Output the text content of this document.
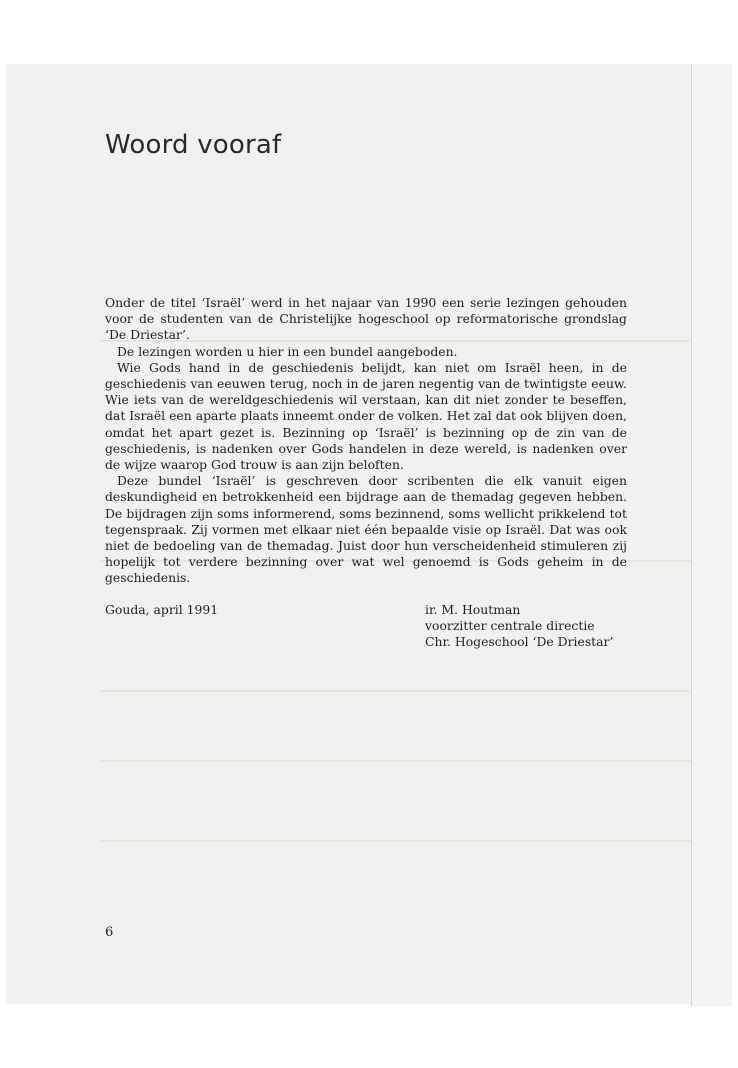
Woord vooraf

Onder de titel ‘Israël’ werd in het najaar van 1990 een serie lezingen gehouden voor de studenten van de Christelijke hogeschool op reformatorische grondslag ‘De Driestar’.

De lezingen worden u hier in een bundel aangeboden.

Wie Gods hand in de geschiedenis belijdt, kan niet om Israël heen, in de geschiedenis van eeuwen terug, noch in de jaren negentig van de twintigste eeuw. Wie iets van de wereldgeschiedenis wil verstaan, kan dit niet zonder te beseffen, dat Israël een aparte plaats inneemt onder de volken. Het zal dat ook blijven doen, omdat het apart gezet is. Bezinning op ‘Israël’ is bezinning op de zin van de geschiedenis, is nadenken over Gods handelen in deze wereld, is nadenken over de wijze waarop God trouw is aan zijn beloften.

Deze bundel ‘Israël’ is geschreven door scribenten die elk vanuit eigen deskundigheid en betrokkenheid een bijdrage aan de themadag gegeven hebben. De bijdragen zijn soms informerend, soms bezinnend, soms wellicht prikkelend tot tegenspraak. Zij vormen met elkaar niet één bepaalde visie op Israël. Dat was ook niet de bedoeling van de themadag. Juist door hun verscheidenheid stimuleren zij hopelijk tot verdere bezinning over wat wel genoemd is Gods geheim in de geschiedenis.

Gouda, april 1991	ir. M. Houtman
voorzitter centrale directie
Chr. Hogeschool ‘De Driestar’
6
